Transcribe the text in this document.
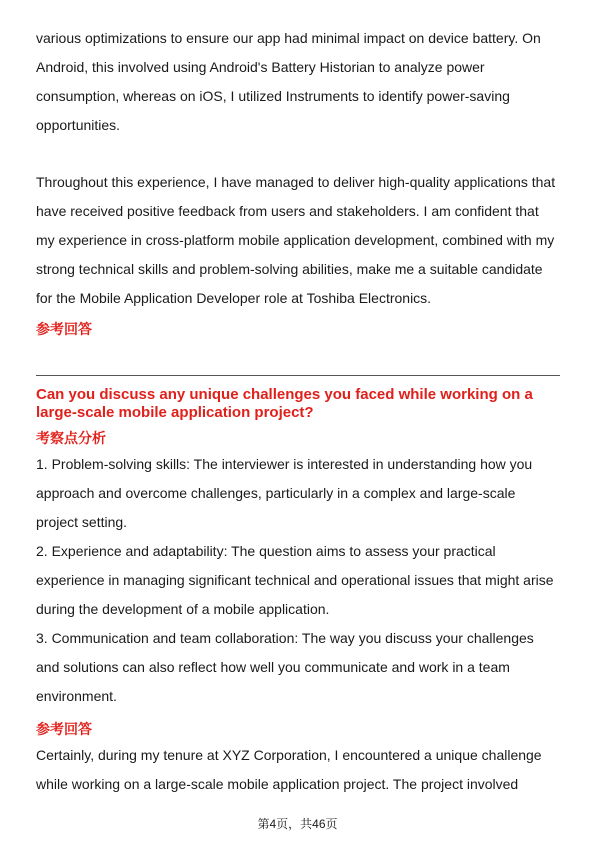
various optimizations to ensure our app had minimal impact on device battery. On Android, this involved using Android's Battery Historian to analyze power consumption, whereas on iOS, I utilized Instruments to identify power-saving opportunities.

Throughout this experience, I have managed to deliver high-quality applications that have received positive feedback from users and stakeholders. I am confident that my experience in cross-platform mobile application development, combined with my strong technical skills and problem-solving abilities, make me a suitable candidate for the Mobile Application Developer role at Toshiba Electronics.

参考回答

Can you discuss any unique challenges you faced while working on a large-scale mobile application project?

考察点分析

1. Problem-solving skills: The interviewer is interested in understanding how you approach and overcome challenges, particularly in a complex and large-scale project setting.

2. Experience and adaptability: The question aims to assess your practical experience in managing significant technical and operational issues that might arise during the development of a mobile application.

3. Communication and team collaboration: The way you discuss your challenges and solutions can also reflect how well you communicate and work in a team environment.

参考回答

Certainly, during my tenure at XYZ Corporation, I encountered a unique challenge while working on a large-scale mobile application project. The project involved

第4页，共46页
